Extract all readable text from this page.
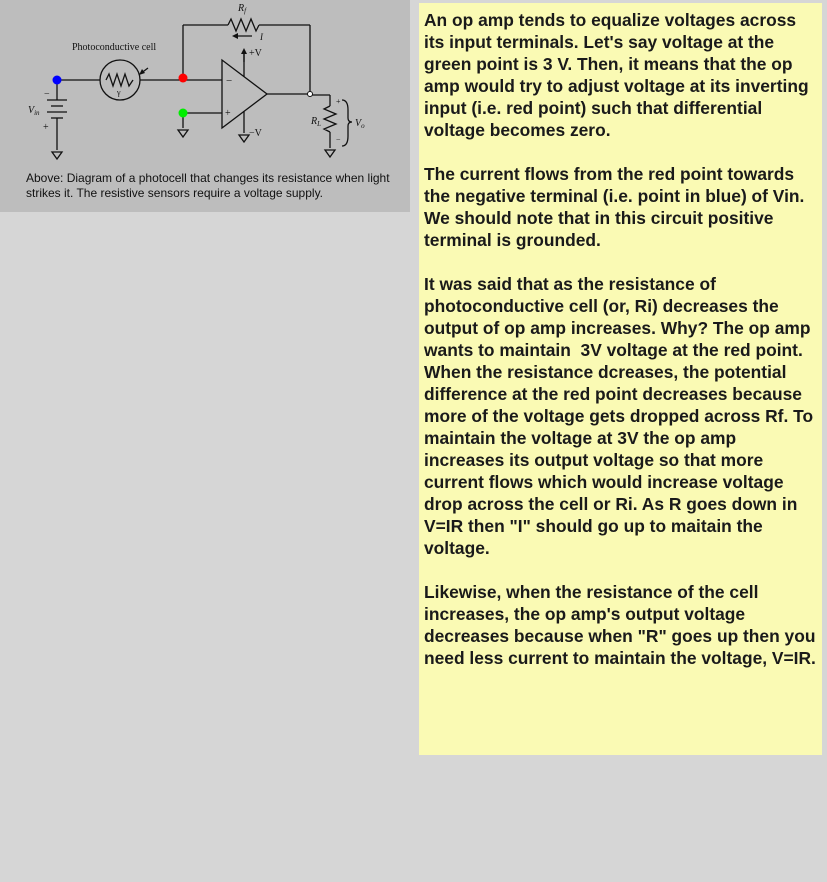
Photoconductive cell
$R_f$
I
+V
−V
$V_{in}$
$R_L$	$V_o$
γ
−
+
−
+
+
−
Above: Diagram of a photocell that changes its resistance when light strikes it. The resistive sensors require a voltage supply.

An op amp tends to equalize voltages across its input terminals. Let's say voltage at the green point is 3 V. Then, it means that the op amp would try to adjust voltage at its inverting input (i.e. red point) such that differential voltage becomes zero.

The current flows from the red point towards the negative terminal (i.e. point in blue) of Vin. We should note that in this circuit positive terminal is grounded.

It was said that as the resistance of photoconductive cell (or, Ri) decreases the output of op amp increases. Why? The op amp wants to maintain  3V voltage at the red point. When the resistance dcreases, the potential difference at the red point decreases because more of the voltage gets dropped across Rf. To maintain the voltage at 3V the op amp increases its output voltage so that more current flows which would increase voltage drop across the cell or Ri. As R goes down in V=IR then "I" should go up to maitain the voltage.

Likewise, when the resistance of the cell increases, the op amp's output voltage decreases because when "R" goes up then you need less current to maintain the voltage, V=IR.
